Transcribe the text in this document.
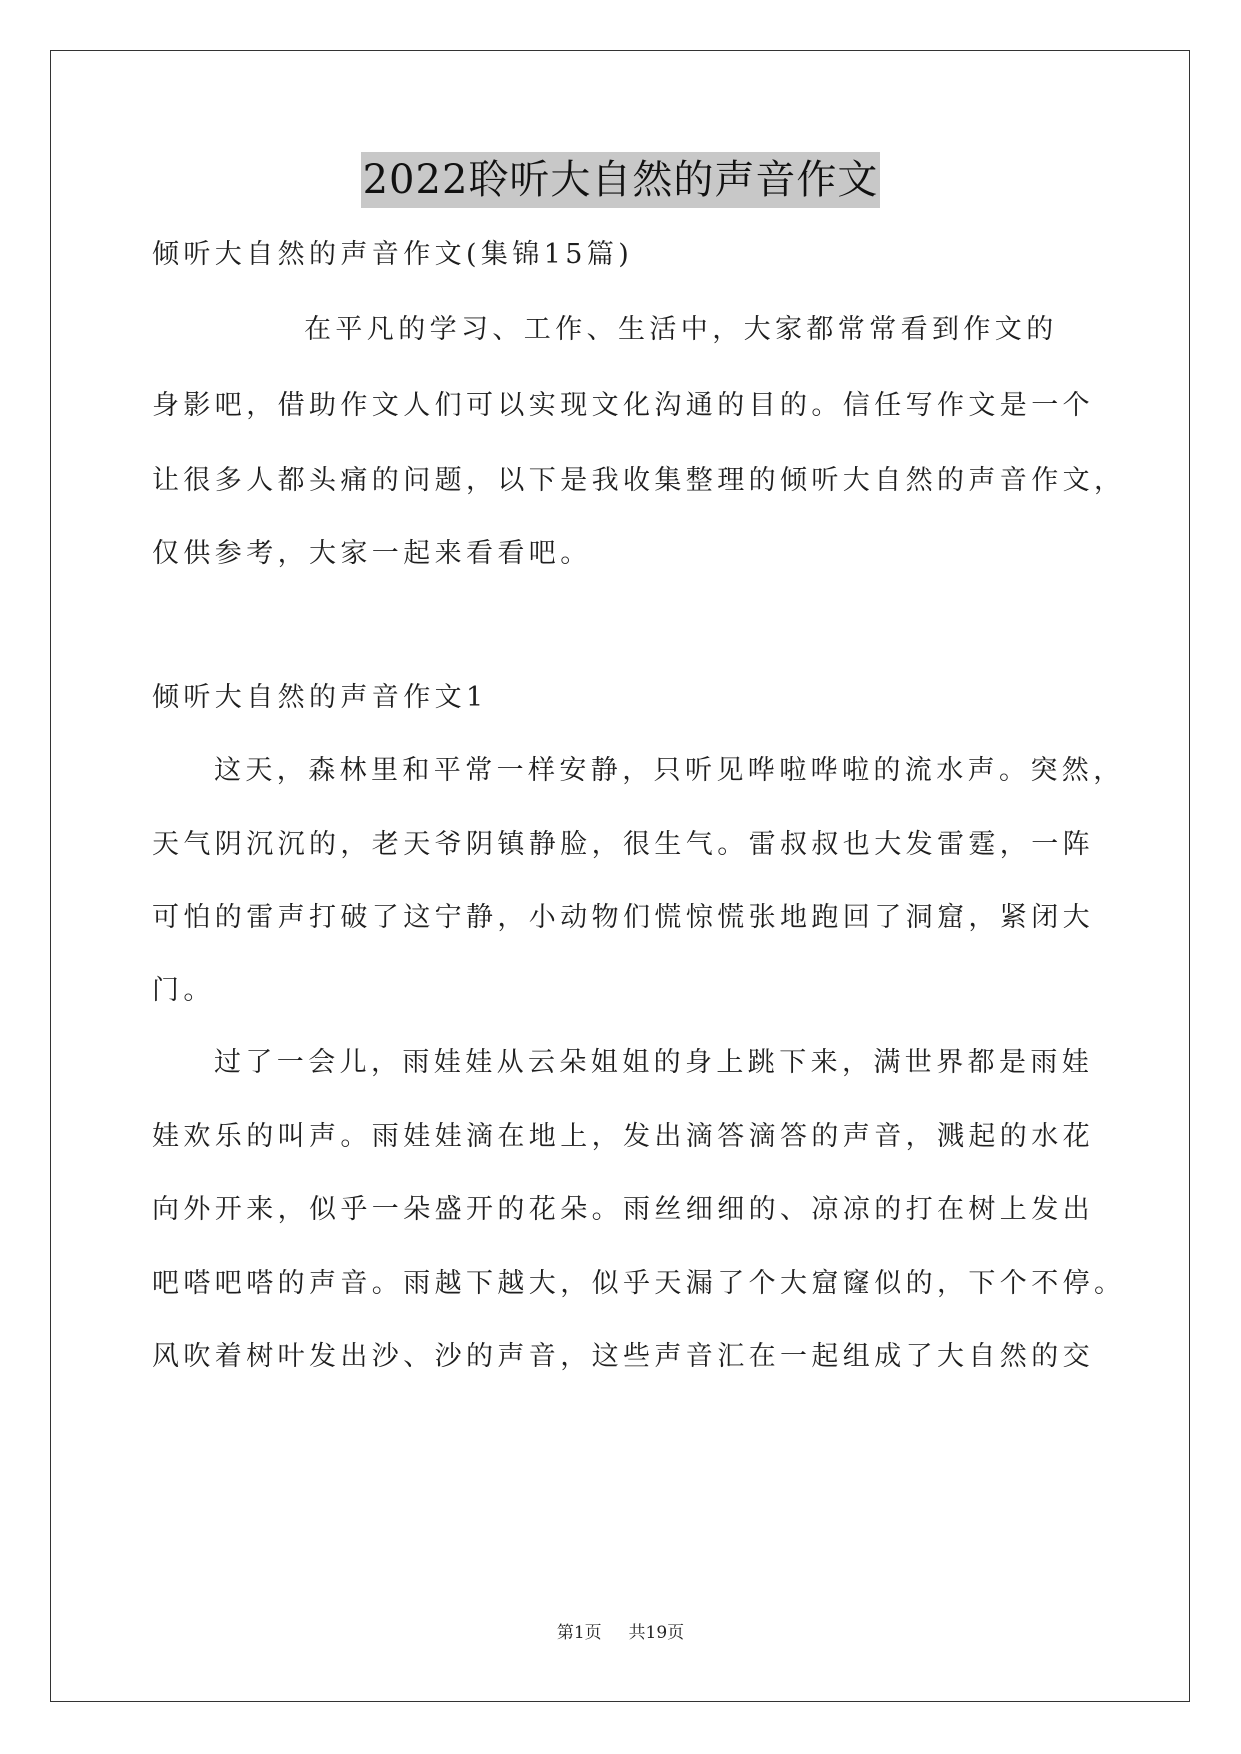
2022聆听大自然的声音作文
倾听大自然的声音作文(集锦15篇)
在平凡的学习、工作、生活中，大家都常常看到作文的
身影吧，借助作文人们可以实现文化沟通的目的。信任写作文是一个
让很多人都头痛的问题，以下是我收集整理的倾听大自然的声音作文，
仅供参考，大家一起来看看吧。
倾听大自然的声音作文1
这天，森林里和平常一样安静，只听见哗啦哗啦的流水声。突然，
天气阴沉沉的，老天爷阴镇静脸，很生气。雷叔叔也大发雷霆，一阵
可怕的雷声打破了这宁静，小动物们慌惊慌张地跑回了洞窟，紧闭大
门。
过了一会儿，雨娃娃从云朵姐姐的身上跳下来，满世界都是雨娃
娃欢乐的叫声。雨娃娃滴在地上，发出滴答滴答的声音，溅起的水花
向外开来，似乎一朵盛开的花朵。雨丝细细的、凉凉的打在树上发出
吧嗒吧嗒的声音。雨越下越大，似乎天漏了个大窟窿似的，下个不停。
风吹着树叶发出沙、沙的声音，这些声音汇在一起组成了大自然的交
第1页 共19页
